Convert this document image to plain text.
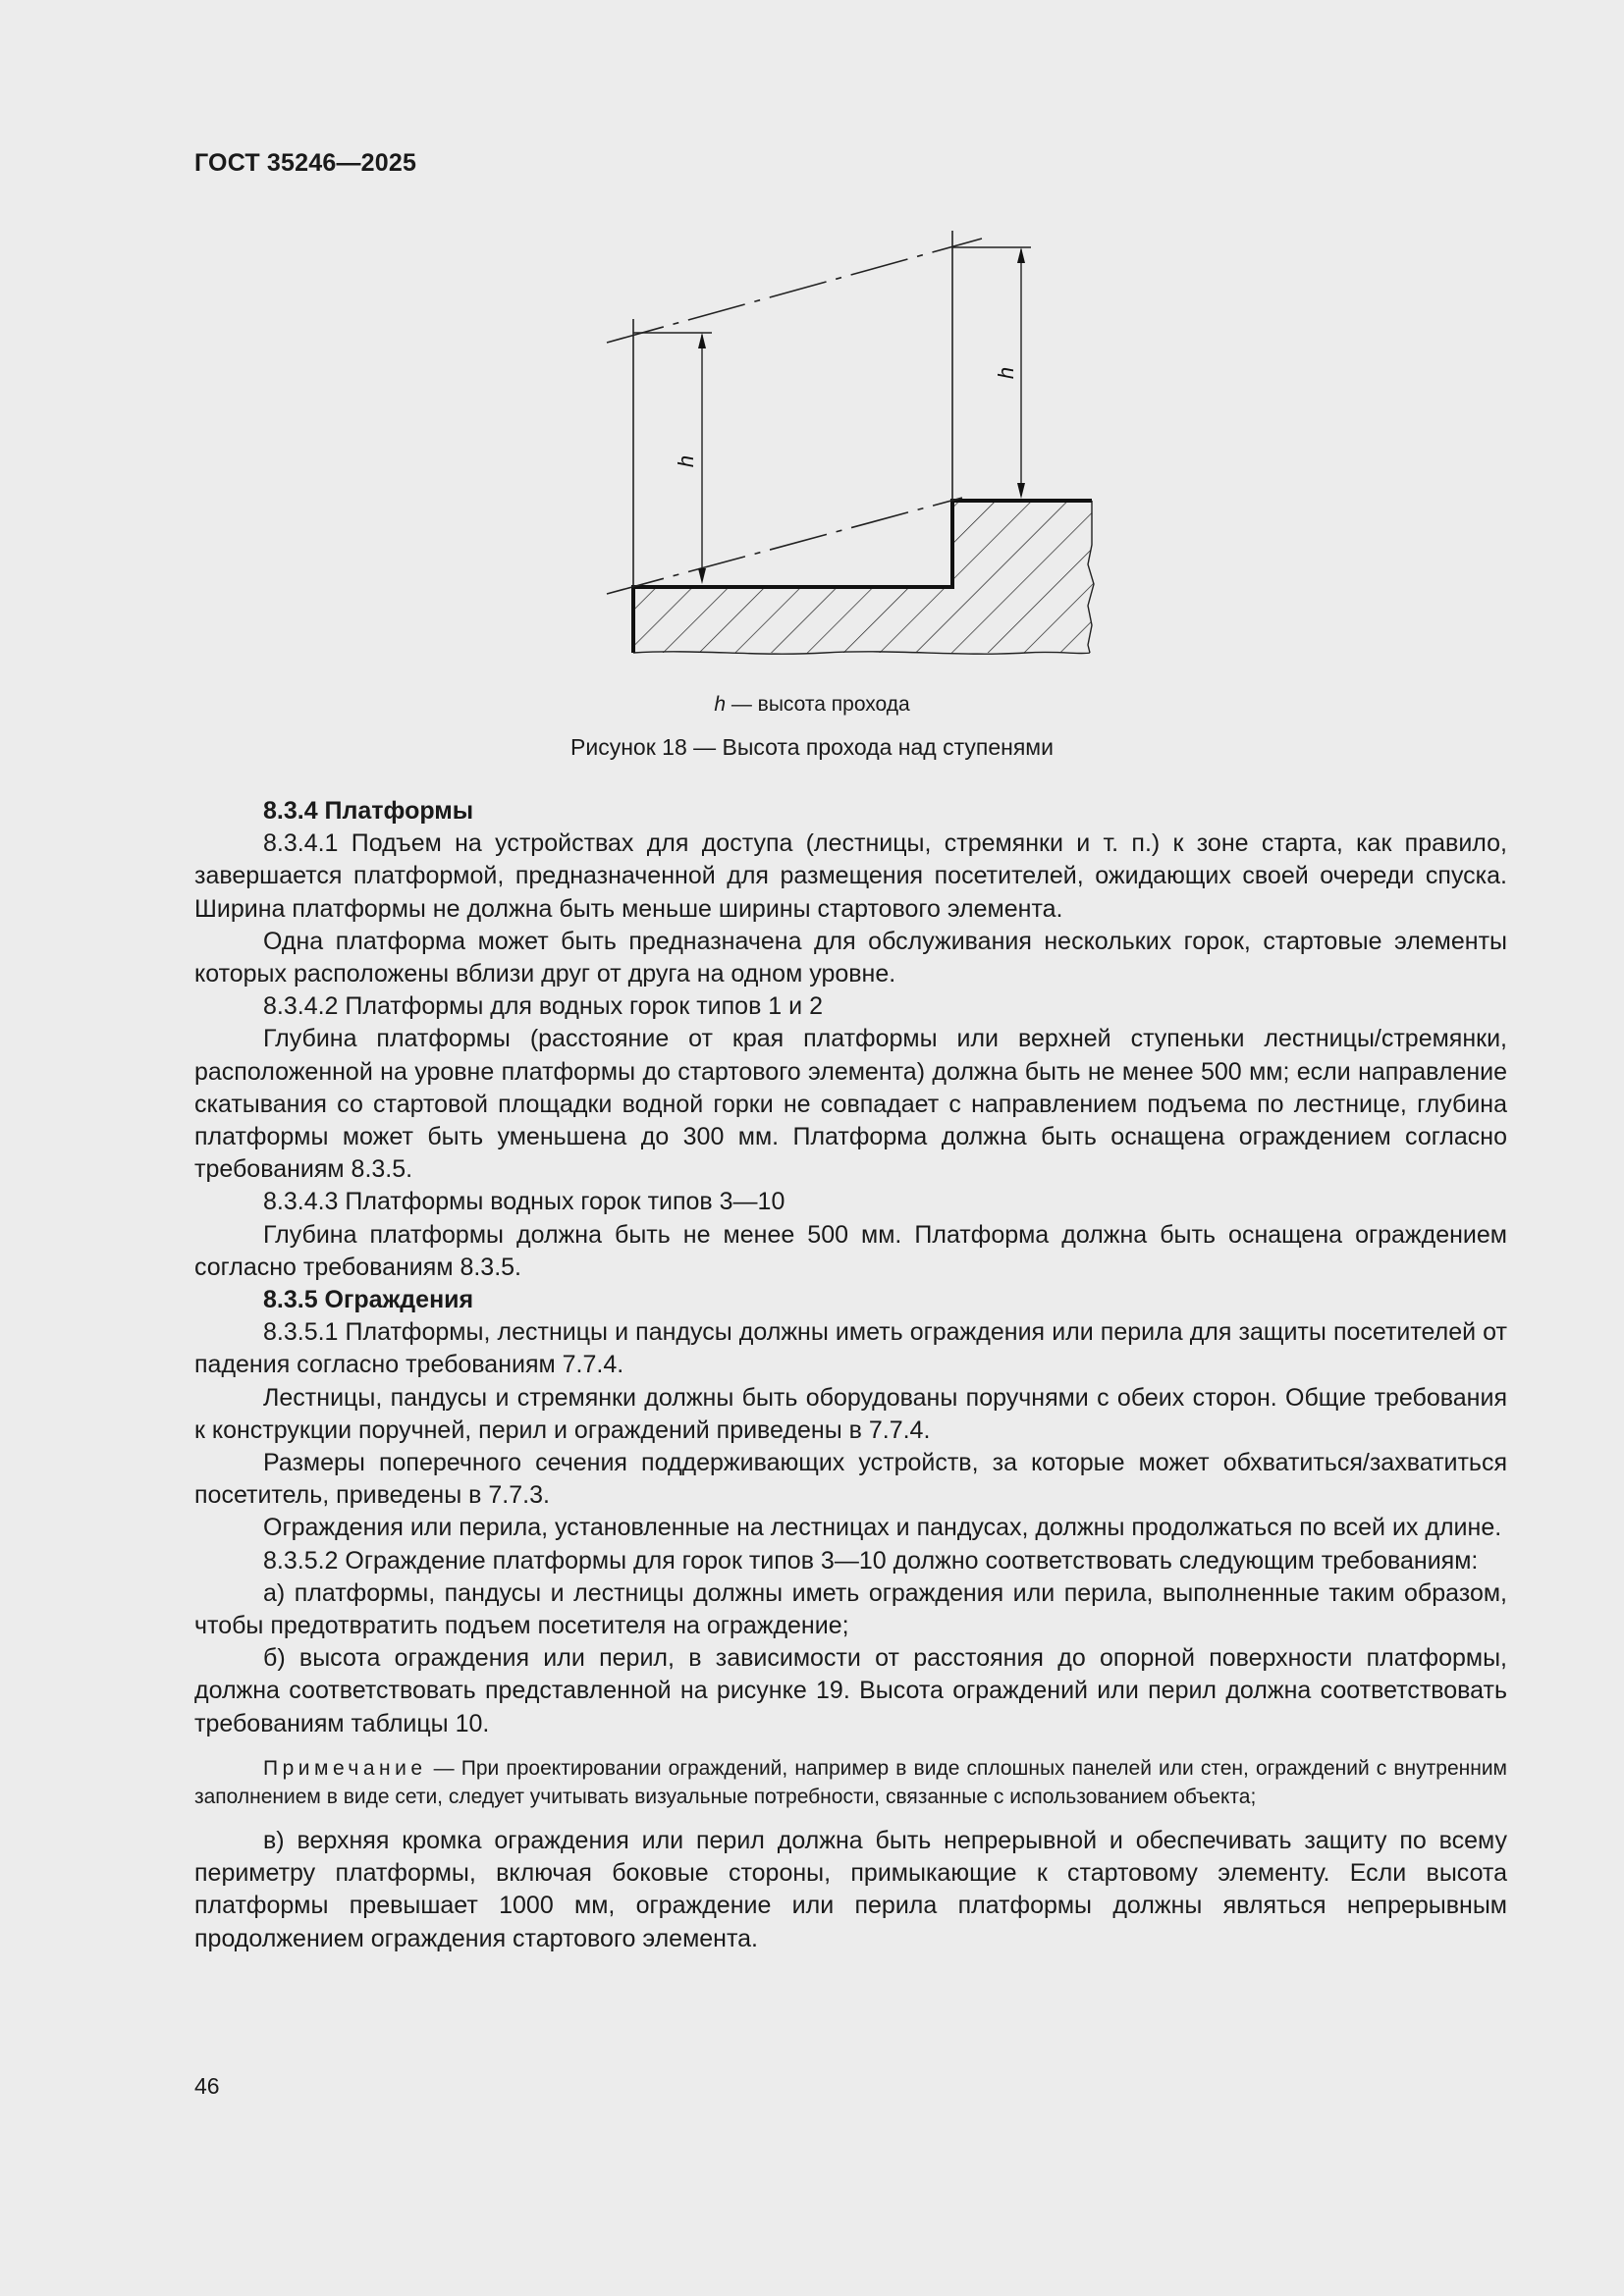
ГОСТ 35246—2025
h
h
h — высота прохода
Рисунок 18 — Высота прохода над ступенями

8.3.4 Платформы

8.3.4.1 Подъем на устройствах для доступа (лестницы, стремянки и т. п.) к зоне старта, как правило, завершается платформой, предназначенной для размещения посетителей, ожидающих своей очереди спуска. Ширина платформы не должна быть меньше ширины стартового элемента.

Одна платформа может быть предназначена для обслуживания нескольких горок, стартовые элементы которых расположены вблизи друг от друга на одном уровне.

8.3.4.2 Платформы для водных горок типов 1 и 2

Глубина платформы (расстояние от края платформы или верхней ступеньки лестницы/стремянки, расположенной на уровне платформы до стартового элемента) должна быть не менее 500 мм; если направление скатывания со стартовой площадки водной горки не совпадает с направлением подъема по лестнице, глубина платформы может быть уменьшена до 300 мм. Платформа должна быть оснащена ограждением согласно требованиям 8.3.5.

8.3.4.3 Платформы водных горок типов 3—10

Глубина платформы должна быть не менее 500 мм. Платформа должна быть оснащена ограждением согласно требованиям 8.3.5.

8.3.5 Ограждения

8.3.5.1 Платформы, лестницы и пандусы должны иметь ограждения или перила для защиты посетителей от падения согласно требованиям 7.7.4.

Лестницы, пандусы и стремянки должны быть оборудованы поручнями с обеих сторон. Общие требования к конструкции поручней, перил и ограждений приведены в 7.7.4.

Размеры поперечного сечения поддерживающих устройств, за которые может обхватиться/захватиться посетитель, приведены в 7.7.3.

Ограждения или перила, установленные на лестницах и пандусах, должны продолжаться по всей их длине.

8.3.5.2 Ограждение платформы для горок типов 3—10 должно соответствовать следующим требованиям:

а) платформы, пандусы и лестницы должны иметь ограждения или перила, выполненные таким образом, чтобы предотвратить подъем посетителя на ограждение;

б) высота ограждения или перил, в зависимости от расстояния до опорной поверхности платформы, должна соответствовать представленной на рисунке 19. Высота ограждений или перил должна соответствовать требованиям таблицы 10.

Примечание — При проектировании ограждений, например в виде сплошных панелей или стен, ограждений с внутренним заполнением в виде сети, следует учитывать визуальные потребности, связанные с использованием объекта;

в) верхняя кромка ограждения или перил должна быть непрерывной и обеспечивать защиту по всему периметру платформы, включая боковые стороны, примыкающие к стартовому элементу. Если высота платформы превышает 1000 мм, ограждение или перила платформы должны являться непрерывным продолжением ограждения стартового элемента.

46
